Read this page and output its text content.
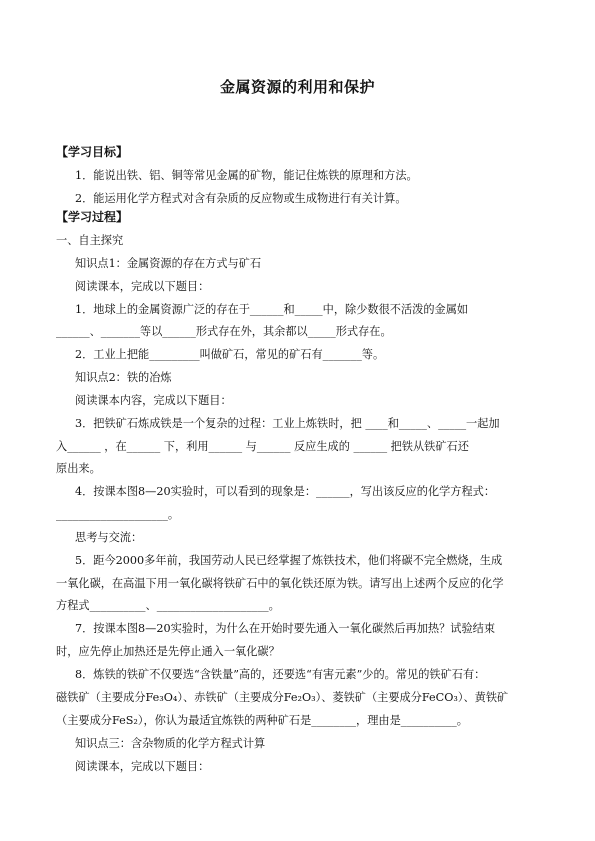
金属资源的利用和保护
【学习目标】
1．能说出铁、铝、铜等常见金属的矿物，能记住炼铁的原理和方法。
2．能运用化学方程式对含有杂质的反应物或生成物进行有关计算。
【学习过程】
一、自主探究
知识点1：金属资源的存在方式与矿石
阅读课本，完成以下题目：
1．地球上的金属资源广泛的存在于______和_____中，除少数很不活泼的金属如
______、_______等以______形式存在外，其余都以_____形式存在。
2．工业上把能_________叫做矿石，常见的矿石有_______等。
知识点2：铁的冶炼
阅读课本内容，完成以下题目：
3．把铁矿石炼成铁是一个复杂的过程：工业上炼铁时，把 ____和_____、_____一起加
入______ ，在______ 下，利用______ 与______ 反应生成的 ______ 把铁从铁矿石还
原出来。
4．按课本图8—20实验时，可以看到的现象是：______，写出该反应的化学方程式：
____________________。
思考与交流：
5．距今2000多年前，我国劳动人民已经掌握了炼铁技术，他们将碳不完全燃烧，生成
一氧化碳，在高温下用一氧化碳将铁矿石中的氧化铁还原为铁。请写出上述两个反应的化学
方程式__________、____________________。
7．按课本图8—20实验时，为什么在开始时要先通入一氧化碳然后再加热？试验结束
时，应先停止加热还是先停止通入一氧化碳？
8．炼铁的铁矿不仅要选“含铁量”高的，还要选“有害元素”少的。常见的铁矿石有：
磁铁矿（主要成分Fe₃O₄）、赤铁矿（主要成分Fe₂O₃）、菱铁矿（主要成分FeCO₃）、黄铁矿
（主要成分FeS₂），你认为最适宜炼铁的两种矿石是________，理由是__________。
知识点三：含杂物质的化学方程式计算
阅读课本，完成以下题目：
